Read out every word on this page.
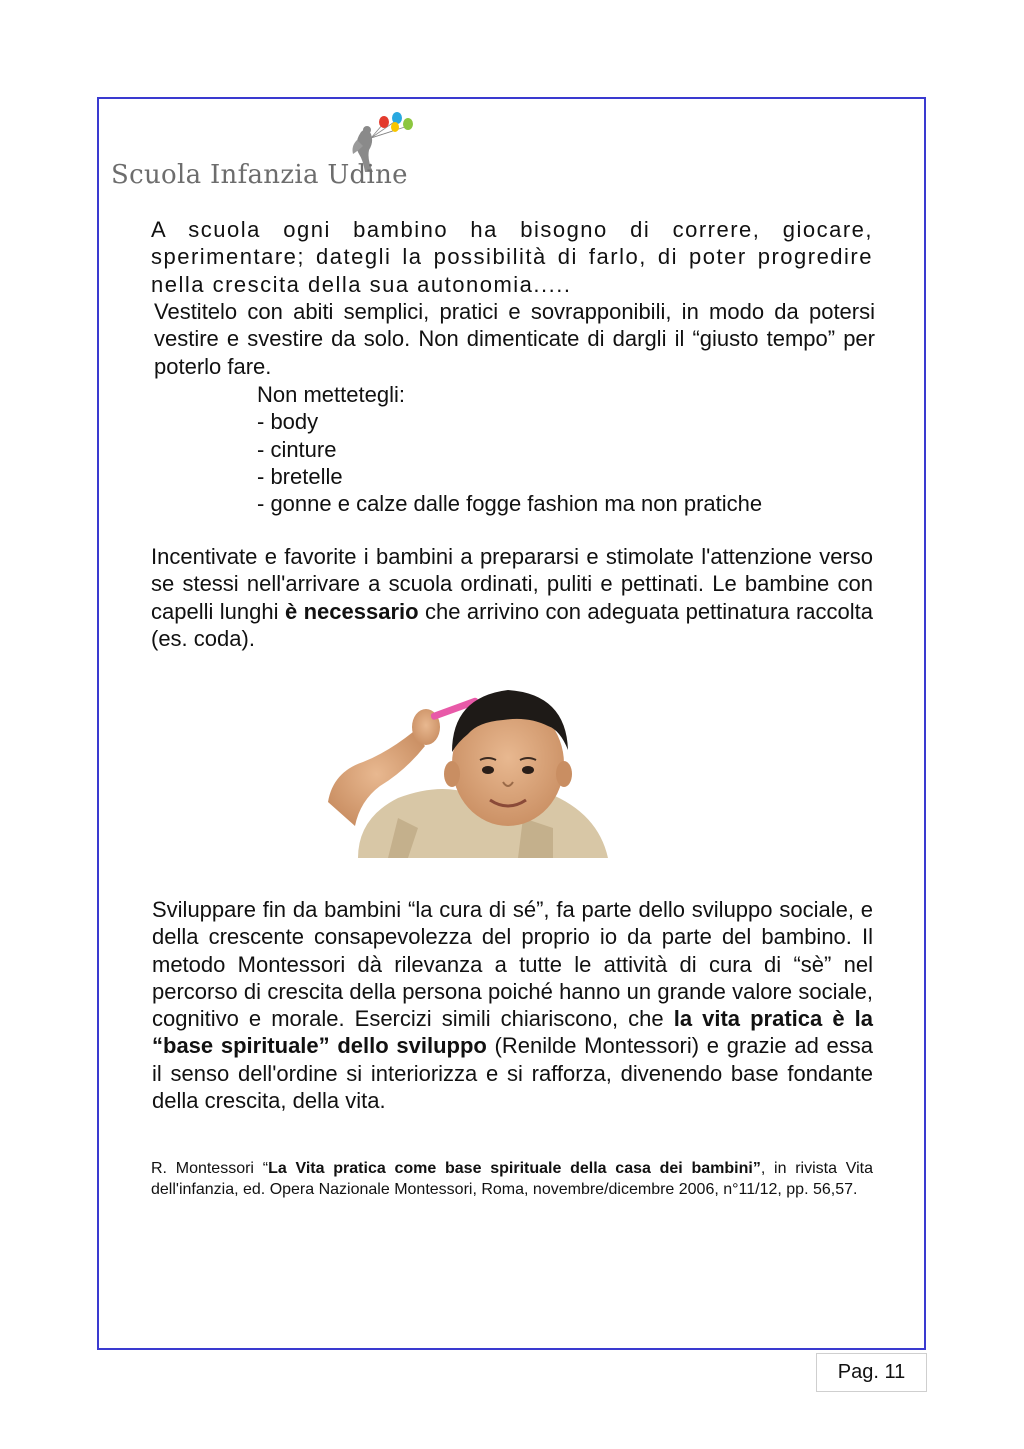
Scuola Infanzia Udine

A scuola ogni bambino ha bisogno di correre, giocare, sperimentare; dategli la possibilità di farlo, di poter progredire nella crescita della sua autonomia.....

Vestitelo con abiti semplici, pratici e sovrapponibili, in modo da potersi vestire e svestire da solo. Non dimenticate di dargli il “giusto tempo” per poterlo fare.

Non mettetegli:
- body
- cinture
- bretelle
- gonne e calze dalle fogge fashion ma non pratiche

Incentivate e favorite i bambini a prepararsi e stimolate l'attenzione verso se stessi nell'arrivare a scuola ordinati, puliti e pettinati. Le bambine con capelli lunghi è necessario che arrivino con adeguata pettinatura raccolta (es. coda).

Sviluppare fin da bambini “la cura di sé”, fa parte dello sviluppo sociale, e della crescente consapevolezza del proprio io da parte del bambino. Il metodo Montessori dà rilevanza a tutte le attività di cura di “sè” nel percorso di crescita della persona poiché hanno un grande valore sociale, cognitivo e morale. Esercizi simili chiariscono, che la vita pratica è la “base spirituale” dello sviluppo (Renilde Montessori) e grazie ad essa il senso dell'ordine si interiorizza e si rafforza, divenendo base fondante della crescita, della vita.

R. Montessori “La Vita pratica come base spirituale della casa dei bambini”, in rivista Vita dell'infanzia, ed. Opera Nazionale Montessori, Roma, novembre/dicembre 2006, n°11/12, pp. 56,57.

Pag. 11
